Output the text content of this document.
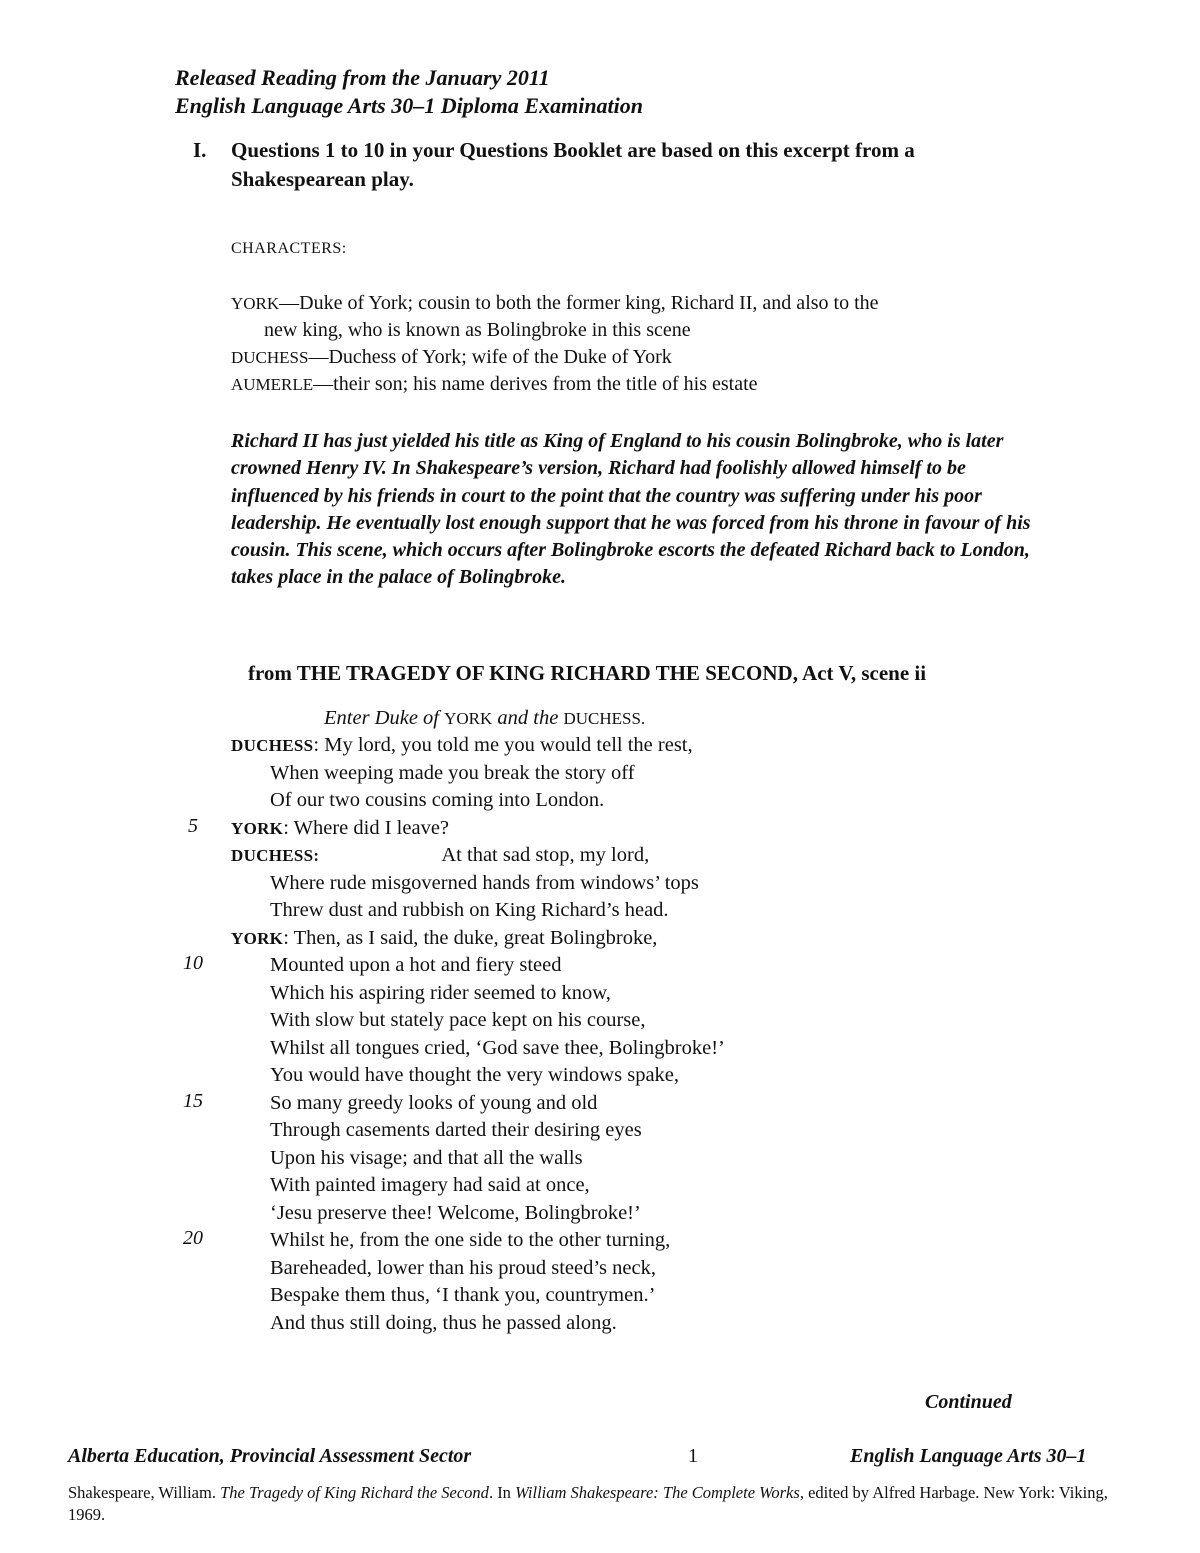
Released Reading from the January 2011
English Language Arts 30–1 Diploma Examination
I. Questions 1 to 10 in your Questions Booklet are based on this excerpt from a Shakespearean play.
CHARACTERS:
YORK—Duke of York; cousin to both the former king, Richard II, and also to the
new king, who is known as Bolingbroke in this scene
DUCHESS—Duchess of York; wife of the Duke of York
AUMERLE—their son; his name derives from the title of his estate
Richard II has just yielded his title as King of England to his cousin Bolingbroke, who is later crowned Henry IV. In Shakespeare’s version, Richard had foolishly allowed himself to be influenced by his friends in court to the point that the country was suffering under his poor leadership. He eventually lost enough support that he was forced from his throne in favour of his cousin. This scene, which occurs after Bolingbroke escorts the defeated Richard back to London, takes place in the palace of Bolingbroke.
from THE TRAGEDY OF KING RICHARD THE SECOND, Act V, scene ii
Enter Duke of YORK and the DUCHESS.
DUCHESS: My lord, you told me you would tell the rest,
When weeping made you break the story off
Of our two cousins coming into London.
YORK: Where did I leave?
DUCHESS:	At that sad stop, my lord,
Where rude misgoverned hands from windows’ tops
Threw dust and rubbish on King Richard’s head.
YORK: Then, as I said, the duke, great Bolingbroke,
Mounted upon a hot and fiery steed
Which his aspiring rider seemed to know,
With slow but stately pace kept on his course,
Whilst all tongues cried, ‘God save thee, Bolingbroke!’
You would have thought the very windows spake,
So many greedy looks of young and old
Through casements darted their desiring eyes
Upon his visage; and that all the walls
With painted imagery had said at once,
‘Jesu preserve thee! Welcome, Bolingbroke!’
Whilst he, from the one side to the other turning,
Bareheaded, lower than his proud steed’s neck,
Bespake them thus, ‘I thank you, countrymen.’
And thus still doing, thus he passed along.
5
10
15
20
Continued
Alberta Education, Provincial Assessment Sector	1	English Language Arts 30–1
Shakespeare, William. The Tragedy of King Richard the Second. In William Shakespeare: The Complete Works, edited by Alfred Harbage. New York: Viking, 1969.
